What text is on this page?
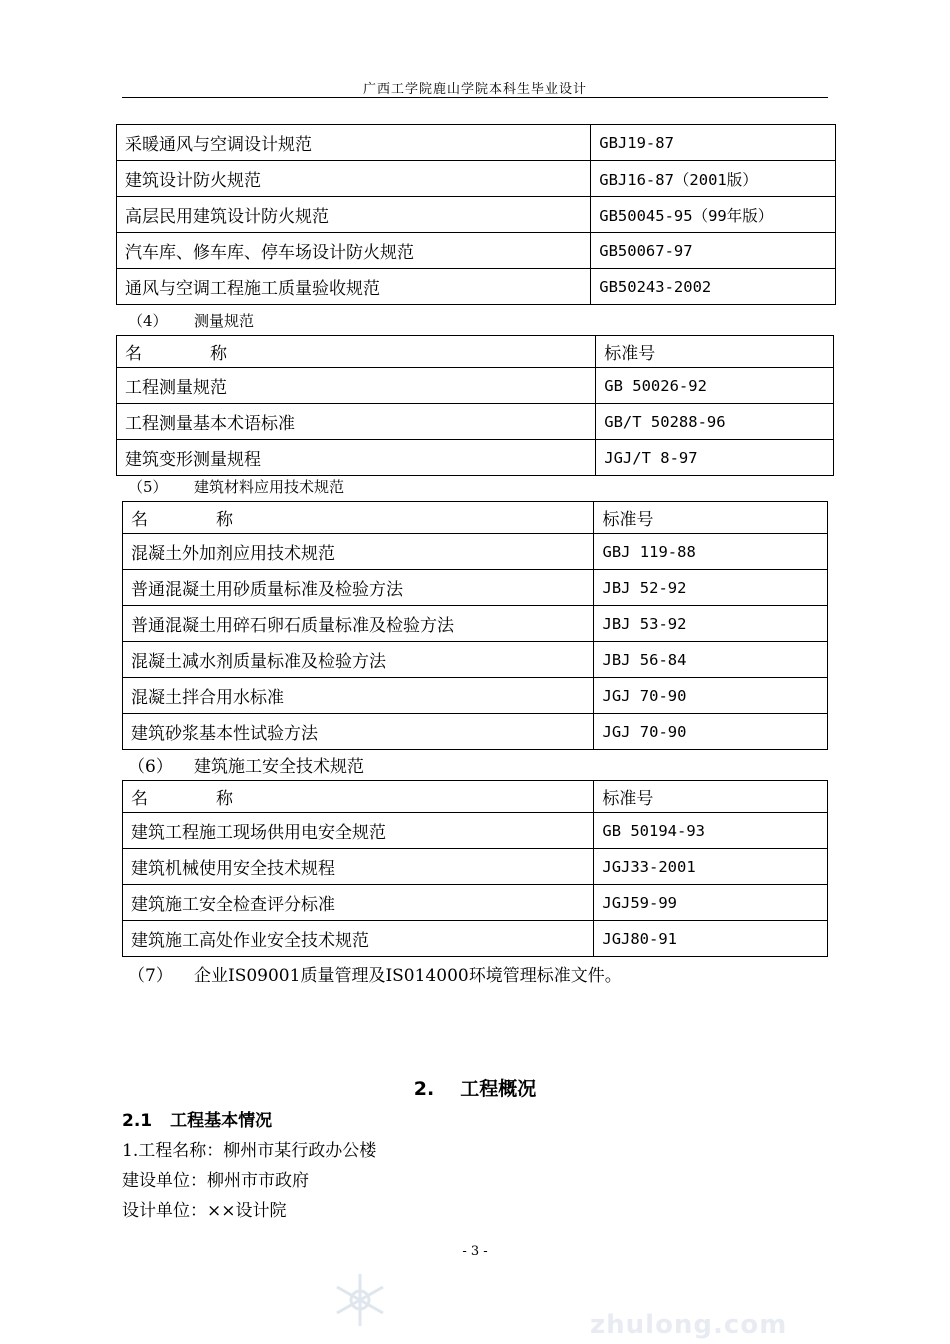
广西工学院鹿山学院本科生毕业设计
采暖通风与空调设计规范	GBJ19-87
建筑设计防火规范	GBJ16-87（2001版）
高层民用建筑设计防火规范	GB50045-95（99年版）
汽车库、修车库、停车场设计防火规范	GB50067-97
通风与空调工程施工质量验收规范	GB50243-2002
（4） 测量规范
名　　　　称	标准号
工程测量规范	GB 50026-92
工程测量基本术语标准	GB/T 50288-96
建筑变形测量规程	JGJ/T 8-97
（5） 建筑材料应用技术规范
名　　　　称	标准号
混凝土外加剂应用技术规范	GBJ 119-88
普通混凝土用砂质量标准及检验方法	JBJ 52-92
普通混凝土用碎石卵石质量标准及检验方法	JBJ 53-92
混凝土减水剂质量标准及检验方法	JBJ 56-84
混凝土拌合用水标准	JGJ 70-90
建筑砂浆基本性试验方法	JGJ 70-90
（6） 建筑施工安全技术规范
名　　　　称	标准号
建筑工程施工现场供用电安全规范	GB 50194-93
建筑机械使用安全技术规程	JGJ33-2001
建筑施工安全检查评分标准	JGJ59-99
建筑施工高处作业安全技术规范	JGJ80-91
（7） 企业IS09001质量管理及IS014000环境管理标准文件。
2. 工程概况
2.1 工程基本情况
1.工程名称：柳州市某行政办公楼
建设单位：柳州市市政府
设计单位：××设计院
- 3 -
zhulong.com
